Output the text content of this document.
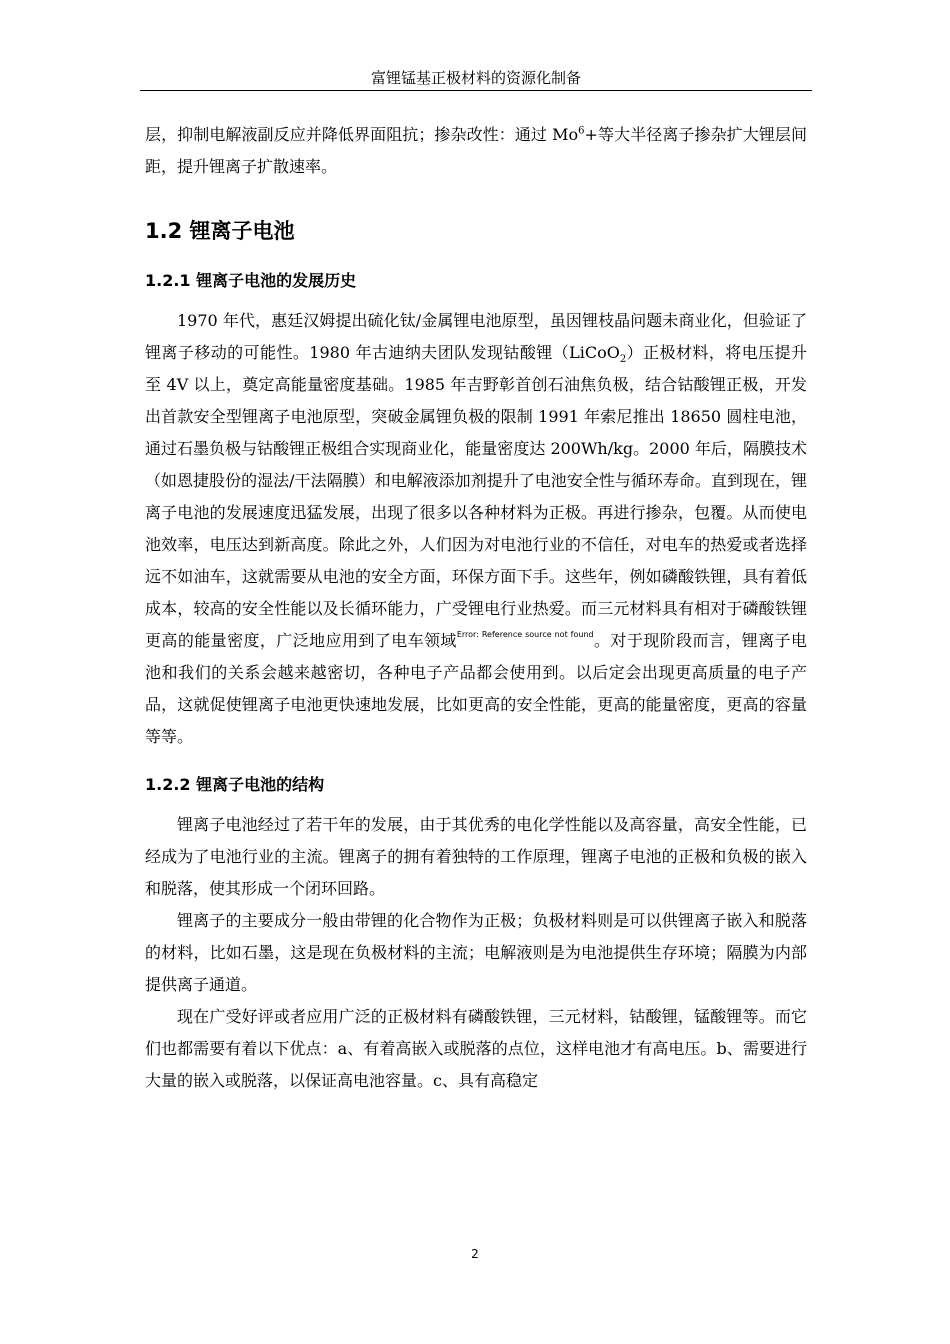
富锂锰基正极材料的资源化制备

层，抑制电解液副反应并降低界面阻抗；掺杂改性：通过 $Mo^6+$等大半径离子掺杂扩大锂层间距，提升锂离子扩散速率。

1.2 锂离子电池
1.2.1 锂离子电池的发展历史

1970 年代，惠廷汉姆提出硫化钛/金属锂电池原型，虽因锂枝晶问题未商业化，但验证了锂离子移动的可能性。1980 年古迪纳夫团队发现钴酸锂（LiCoO$_2$）正极材料，将电压提升至 4V 以上，奠定高能量密度基础。1985 年吉野彰首创石油焦负极，结合钴酸锂正极，开发出首款安全型锂离子电池原型，突破金属锂负极的限制 1991 年索尼推出 18650 圆柱电池，通过石墨负极与钴酸锂正极组合实现商业化，能量密度达 200Wh/kg。2000 年后，隔膜技术（如恩捷股份的湿法/干法隔膜）和电解液添加剂提升了电池安全性与循环寿命。直到现在，锂离子电池的发展速度迅猛发展，出现了很多以各种材料为正极。再进行掺杂，包覆。从而使电池效率，电压达到新高度。除此之外，人们因为对电池行业的不信任，对电车的热爱或者选择远不如油车，这就需要从电池的安全方面，环保方面下手。这些年，例如磷酸铁锂，具有着低成本，较高的安全性能以及长循环能力，广受锂电行业热爱。而三元材料具有相对于磷酸铁锂更高的能量密度，广泛地应用到了电车领域$^{Error: Reference source not found}$。对于现阶段而言，锂离子电池和我们的关系会越来越密切，各种电子产品都会使用到。以后定会出现更高质量的电子产品，这就促使锂离子电池更快速地发展，比如更高的安全性能，更高的能量密度，更高的容量等等。

1.2.2 锂离子电池的结构

锂离子电池经过了若干年的发展，由于其优秀的电化学性能以及高容量，高安全性能，已经成为了电池行业的主流。锂离子的拥有着独特的工作原理，锂离子电池的正极和负极的嵌入和脱落，使其形成一个闭环回路。

锂离子的主要成分一般由带锂的化合物作为正极；负极材料则是可以供锂离子嵌入和脱落的材料，比如石墨，这是现在负极材料的主流；电解液则是为电池提供生存环境；隔膜为内部提供离子通道。

现在广受好评或者应用广泛的正极材料有磷酸铁锂，三元材料，钴酸锂，锰酸锂等。而它们也都需要有着以下优点：a、有着高嵌入或脱落的点位，这样电池才有高电压。b、需要进行大量的嵌入或脱落，以保证高电池容量。c、具有高稳定

2
